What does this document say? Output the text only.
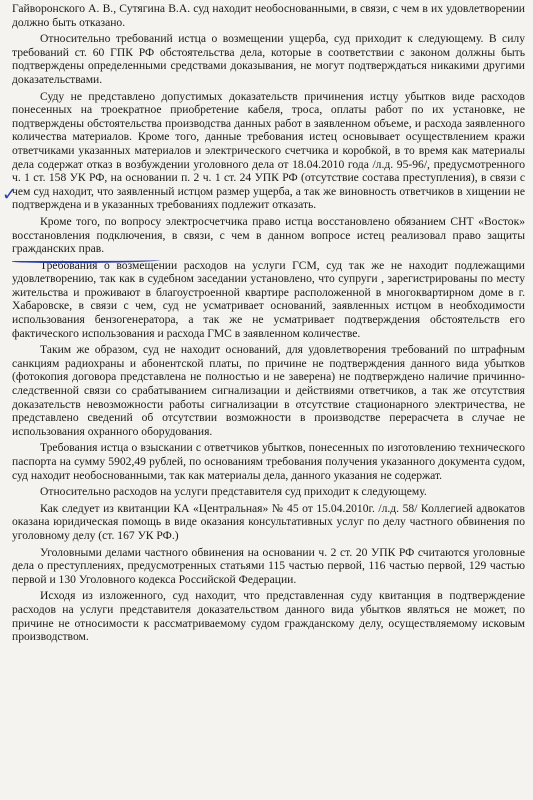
Гайворонского А. В., Сутягина В.А. суд находит необоснованными, в связи, с чем в их удовлетворении должно быть отказано.

Относительно требований истца о возмещении ущерба, суд приходит к следующему. В силу требований ст. 60 ГПК РФ обстоятельства дела, которые в соответствии с законом должны быть подтверждены определенными средствами доказывания, не могут подтверждаться никакими другими доказательствами.

Суду не представлено допустимых доказательств причинения истцу убытков виде расходов понесенных на троекратное приобретение кабеля, троса, оплаты работ по их установке, не подтверждены обстоятельства производства данных работ в заявленном объеме, и расхода заявленного количества материалов. Кроме того, данные требования истец основывает осуществлением кражи ответчиками указанных материалов и электрического счетчика и коробкой, в то время как материалы дела содержат отказ в возбуждении уголовного дела от 18.04.2010 года /л.д. 95-96/, предусмотренного ч. 1 ст. 158 УК РФ, на основании п. 2 ч. 1 ст. 24 УПК РФ (отсутствие состава преступления), в связи с чем суд находит, что заявленный истцом размер ущерба, а так же виновность ответчиков в хищении не подтверждена и в указанных требованиях подлежит отказать.

Кроме того, по вопросу электросчетчика право истца восстановлено обязанием СНТ «Восток» восстановления подключения, в связи, с чем в данном вопросе истец реализовал право защиты гражданских прав.

Требования о возмещении расходов на услуги ГСМ, суд так же не находит подлежащими удовлетворению, так как в судебном заседании установлено, что супруги , зарегистрированы по месту жительства и проживают в благоустроенной квартире расположенной в многоквартирном доме в г. Хабаровске, в связи с чем, суд не усматривает оснований, заявленных истцом в необходимости использования бензогенератора, а так же не усматривает подтверждения обстоятельств его фактического использования и расхода ГМС в заявленном количестве.

Таким же образом, суд не находит оснований, для удовлетворения требований по штрафным санкциям радиохраны и абонентской платы, по причине не подтверждения данного вида убытков (фотокопия договора представлена не полностью и не заверена) не подтверждено наличие причинно-следственной связи со срабатыванием сигнализации и действиями ответчиков, а так же отсутствия доказательств невозможности работы сигнализации в отсутствие стационарного электричества, не представлено сведений об отсутствии возможности в производстве перерасчета в случае не использования охранного оборудования.

Требования истца о взыскании с ответчиков убытков, понесенных по изготовлению технического паспорта на сумму 5902,49 рублей, по основаниям требования получения указанного документа судом, суд находит необоснованными, так как материалы дела, данного указания не содержат.

Относительно расходов на услуги представителя суд приходит к следующему.

Как следует из квитанции КА «Центральная» № 45 от 15.04.2010г. /л.д. 58/ Коллегией адвокатов оказана юридическая помощь в виде оказания консультативных услуг по делу частного обвинения по уголовному делу (ст. 167 УК РФ.)

Уголовными делами частного обвинения на основании ч. 2 ст. 20 УПК РФ считаются уголовные дела о преступлениях, предусмотренных статьями 115 частью первой, 116 частью первой, 129 частью первой и 130 Уголовного кодекса Российской Федерации.

Исходя из изложенного, суд находит, что представленная суду квитанция в подтверждение расходов на услуги представителя доказательством данного вида убытков являться не может, по причине не относимости к рассматриваемому судом гражданскому делу, осуществляемому исковым производством.

✓
